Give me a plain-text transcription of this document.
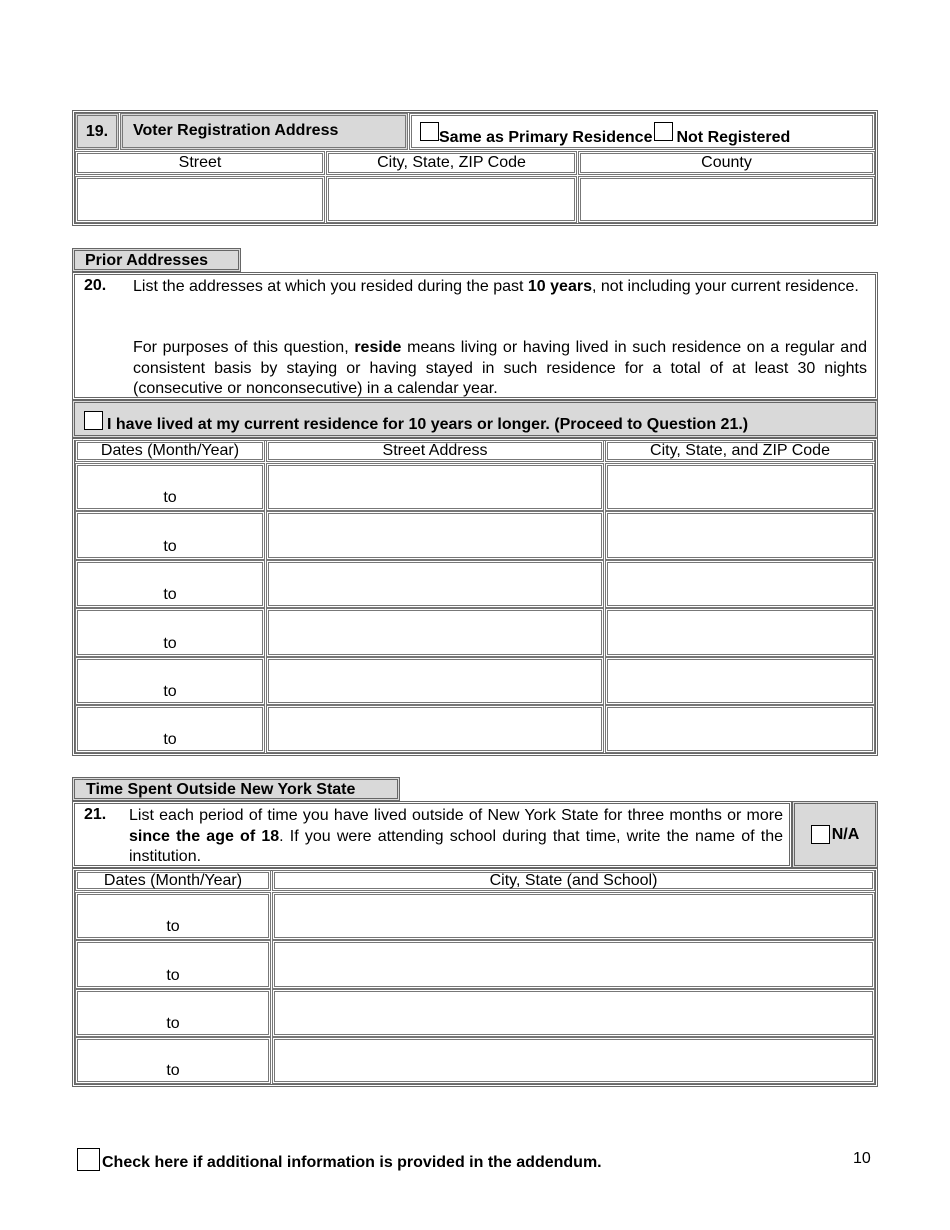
19.	Voter Registration Address	Same as Primary Residence Not Registered
Street	City, State, ZIP Code	County
Prior Addresses
20. List the addresses at which you resided during the past 10 years, not including your current residence.
For purposes of this question, reside means living or having lived in such residence on a regular and consistent basis by staying or having stayed in such residence for a total of at least 30 nights (consecutive or nonconsecutive) in a calendar year.
I have lived at my current residence for 10 years or longer. (Proceed to Question 21.)
Dates (Month/Year)	Street Address	City, State, and ZIP Code
to
to
to
to
to
to
Time Spent Outside New York State
21. List each period of time you have lived outside of New York State for three months or more since the age of 18. If you were attending school during that time, write the name of the institution.
N/A
Dates (Month/Year)	City, State (and School)
to
to
to
to
Check here if additional information is provided in the addendum.	10
